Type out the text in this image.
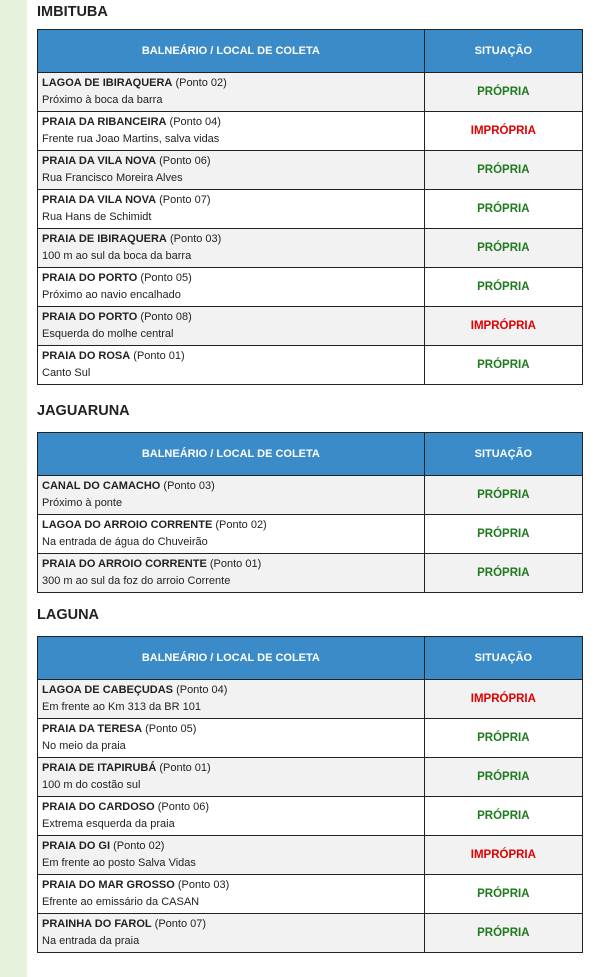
IMBITUBA
BALNEÁRIO / LOCAL DE COLETA	SITUAÇÃO

LAGOA DE IBIRAQUERA (Ponto 02)
Próximo à boca da barra	PRÓPRIA

PRAIA DA RIBANCEIRA (Ponto 04)
Frente rua Joao Martins, salva vidas	IMPRÓPRIA

PRAIA DA VILA NOVA (Ponto 06)
Rua Francisco Moreira Alves	PRÓPRIA

PRAIA DA VILA NOVA (Ponto 07)
Rua Hans de Schimidt	PRÓPRIA

PRAIA DE IBIRAQUERA (Ponto 03)
100 m ao sul da boca da barra	PRÓPRIA

PRAIA DO PORTO (Ponto 05)
Próximo ao navio encalhado	PRÓPRIA

PRAIA DO PORTO (Ponto 08)
Esquerda do molhe central	IMPRÓPRIA

PRAIA DO ROSA (Ponto 01)
Canto Sul	PRÓPRIA
JAGUARUNA
BALNEÁRIO / LOCAL DE COLETA	SITUAÇÃO

CANAL DO CAMACHO (Ponto 03)
Próximo à ponte	PRÓPRIA

LAGOA DO ARROIO CORRENTE (Ponto 02)
Na entrada de água do Chuveirão	PRÓPRIA

PRAIA DO ARROIO CORRENTE (Ponto 01)
300 m ao sul da foz do arroio Corrente	PRÓPRIA
LAGUNA
BALNEÁRIO / LOCAL DE COLETA	SITUAÇÃO

LAGOA DE CABEÇUDAS (Ponto 04)
Em frente ao Km 313 da BR 101	IMPRÓPRIA

PRAIA DA TERESA (Ponto 05)
No meio da praia	PRÓPRIA

PRAIA DE ITAPIRUBÁ (Ponto 01)
100 m do costão sul	PRÓPRIA

PRAIA DO CARDOSO (Ponto 06)
Extrema esquerda da praia	PRÓPRIA

PRAIA DO GI (Ponto 02)
Em frente ao posto Salva Vidas	IMPRÓPRIA

PRAIA DO MAR GROSSO (Ponto 03)
Efrente ao emissário da CASAN	PRÓPRIA

PRAINHA DO FAROL (Ponto 07)
Na entrada da praia	PRÓPRIA
